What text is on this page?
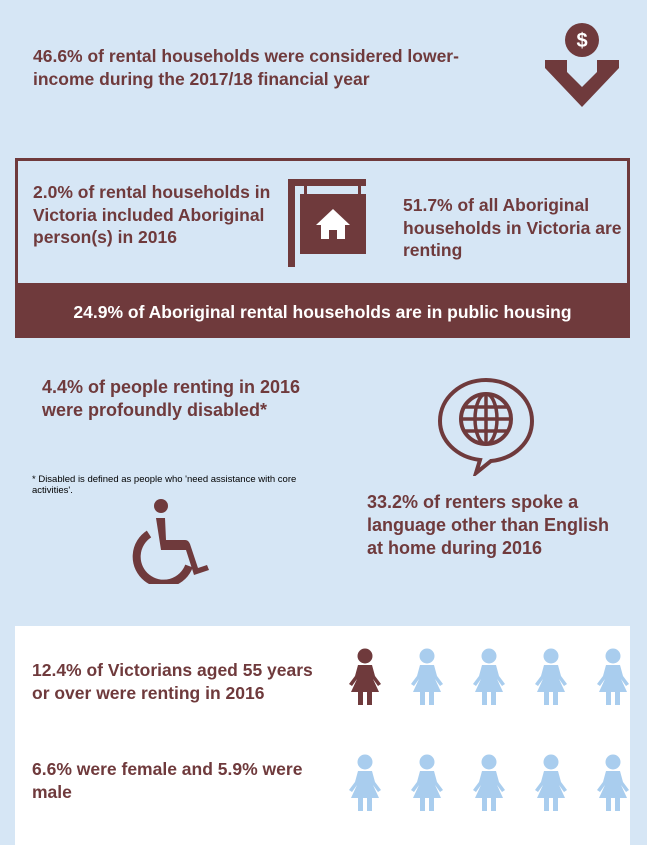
46.6% of rental households were considered lower-income during the 2017/18 financial year
$
2.0% of rental households in Victoria included Aboriginal person(s) in 2016
51.7% of all Aboriginal households in Victoria are renting
24.9% of Aboriginal rental households are in public housing
4.4% of people renting in 2016 were profoundly disabled*
* Disabled is defined as people who 'need assistance with core activities'.
33.2% of renters spoke a language other than English at home during 2016
12.4% of Victorians aged 55 years or over were renting in 2016
6.6% were female and 5.9% were male
